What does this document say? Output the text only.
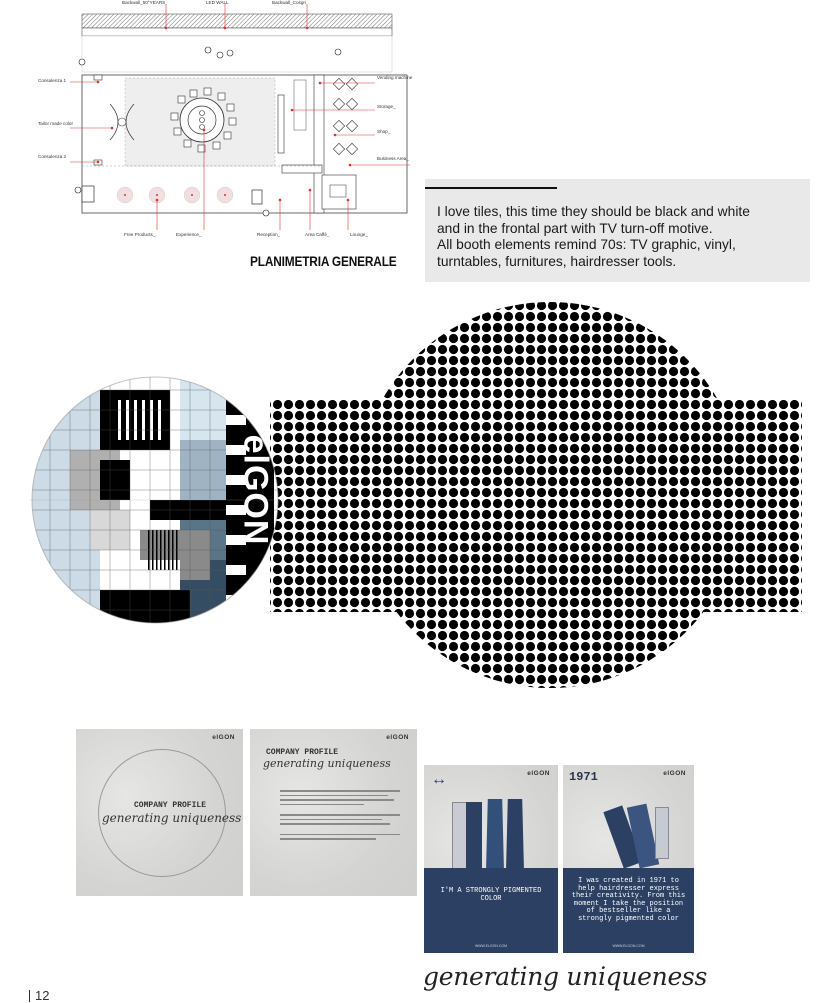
Backwall_50°YEARS	LED WALL	Backwall_Cosgri
Consulenza 1
Tailor made color
Consulenza 2
Vending machine
Storage_
Shop_
Business Area_
Free Products_	Experience_	Reception_	Area Caffè_	Lounge_
PLANIMETRIA GENERALE
I love tiles, this time they should be black and white
and in the frontal part with TV turn-off motive.
All booth elements remind 70s: TV graphic, vinyl,
turntables, furnitures, hairdresser tools.
elGON
elGON
COMPANY PROFILE
generating uniqueness
elGON
COMPANY PROFILE
generating uniqueness
elGON
↔
I'M A STRONGLY PIGMENTED COLOR
WWW.ELGON.COM
elGON
1971
I was created in 1971 to help hairdresser express their creativity. From this moment I take the position of bestseller like a strongly pigmented color
WWW.ELGON.COM
generating uniqueness
12
